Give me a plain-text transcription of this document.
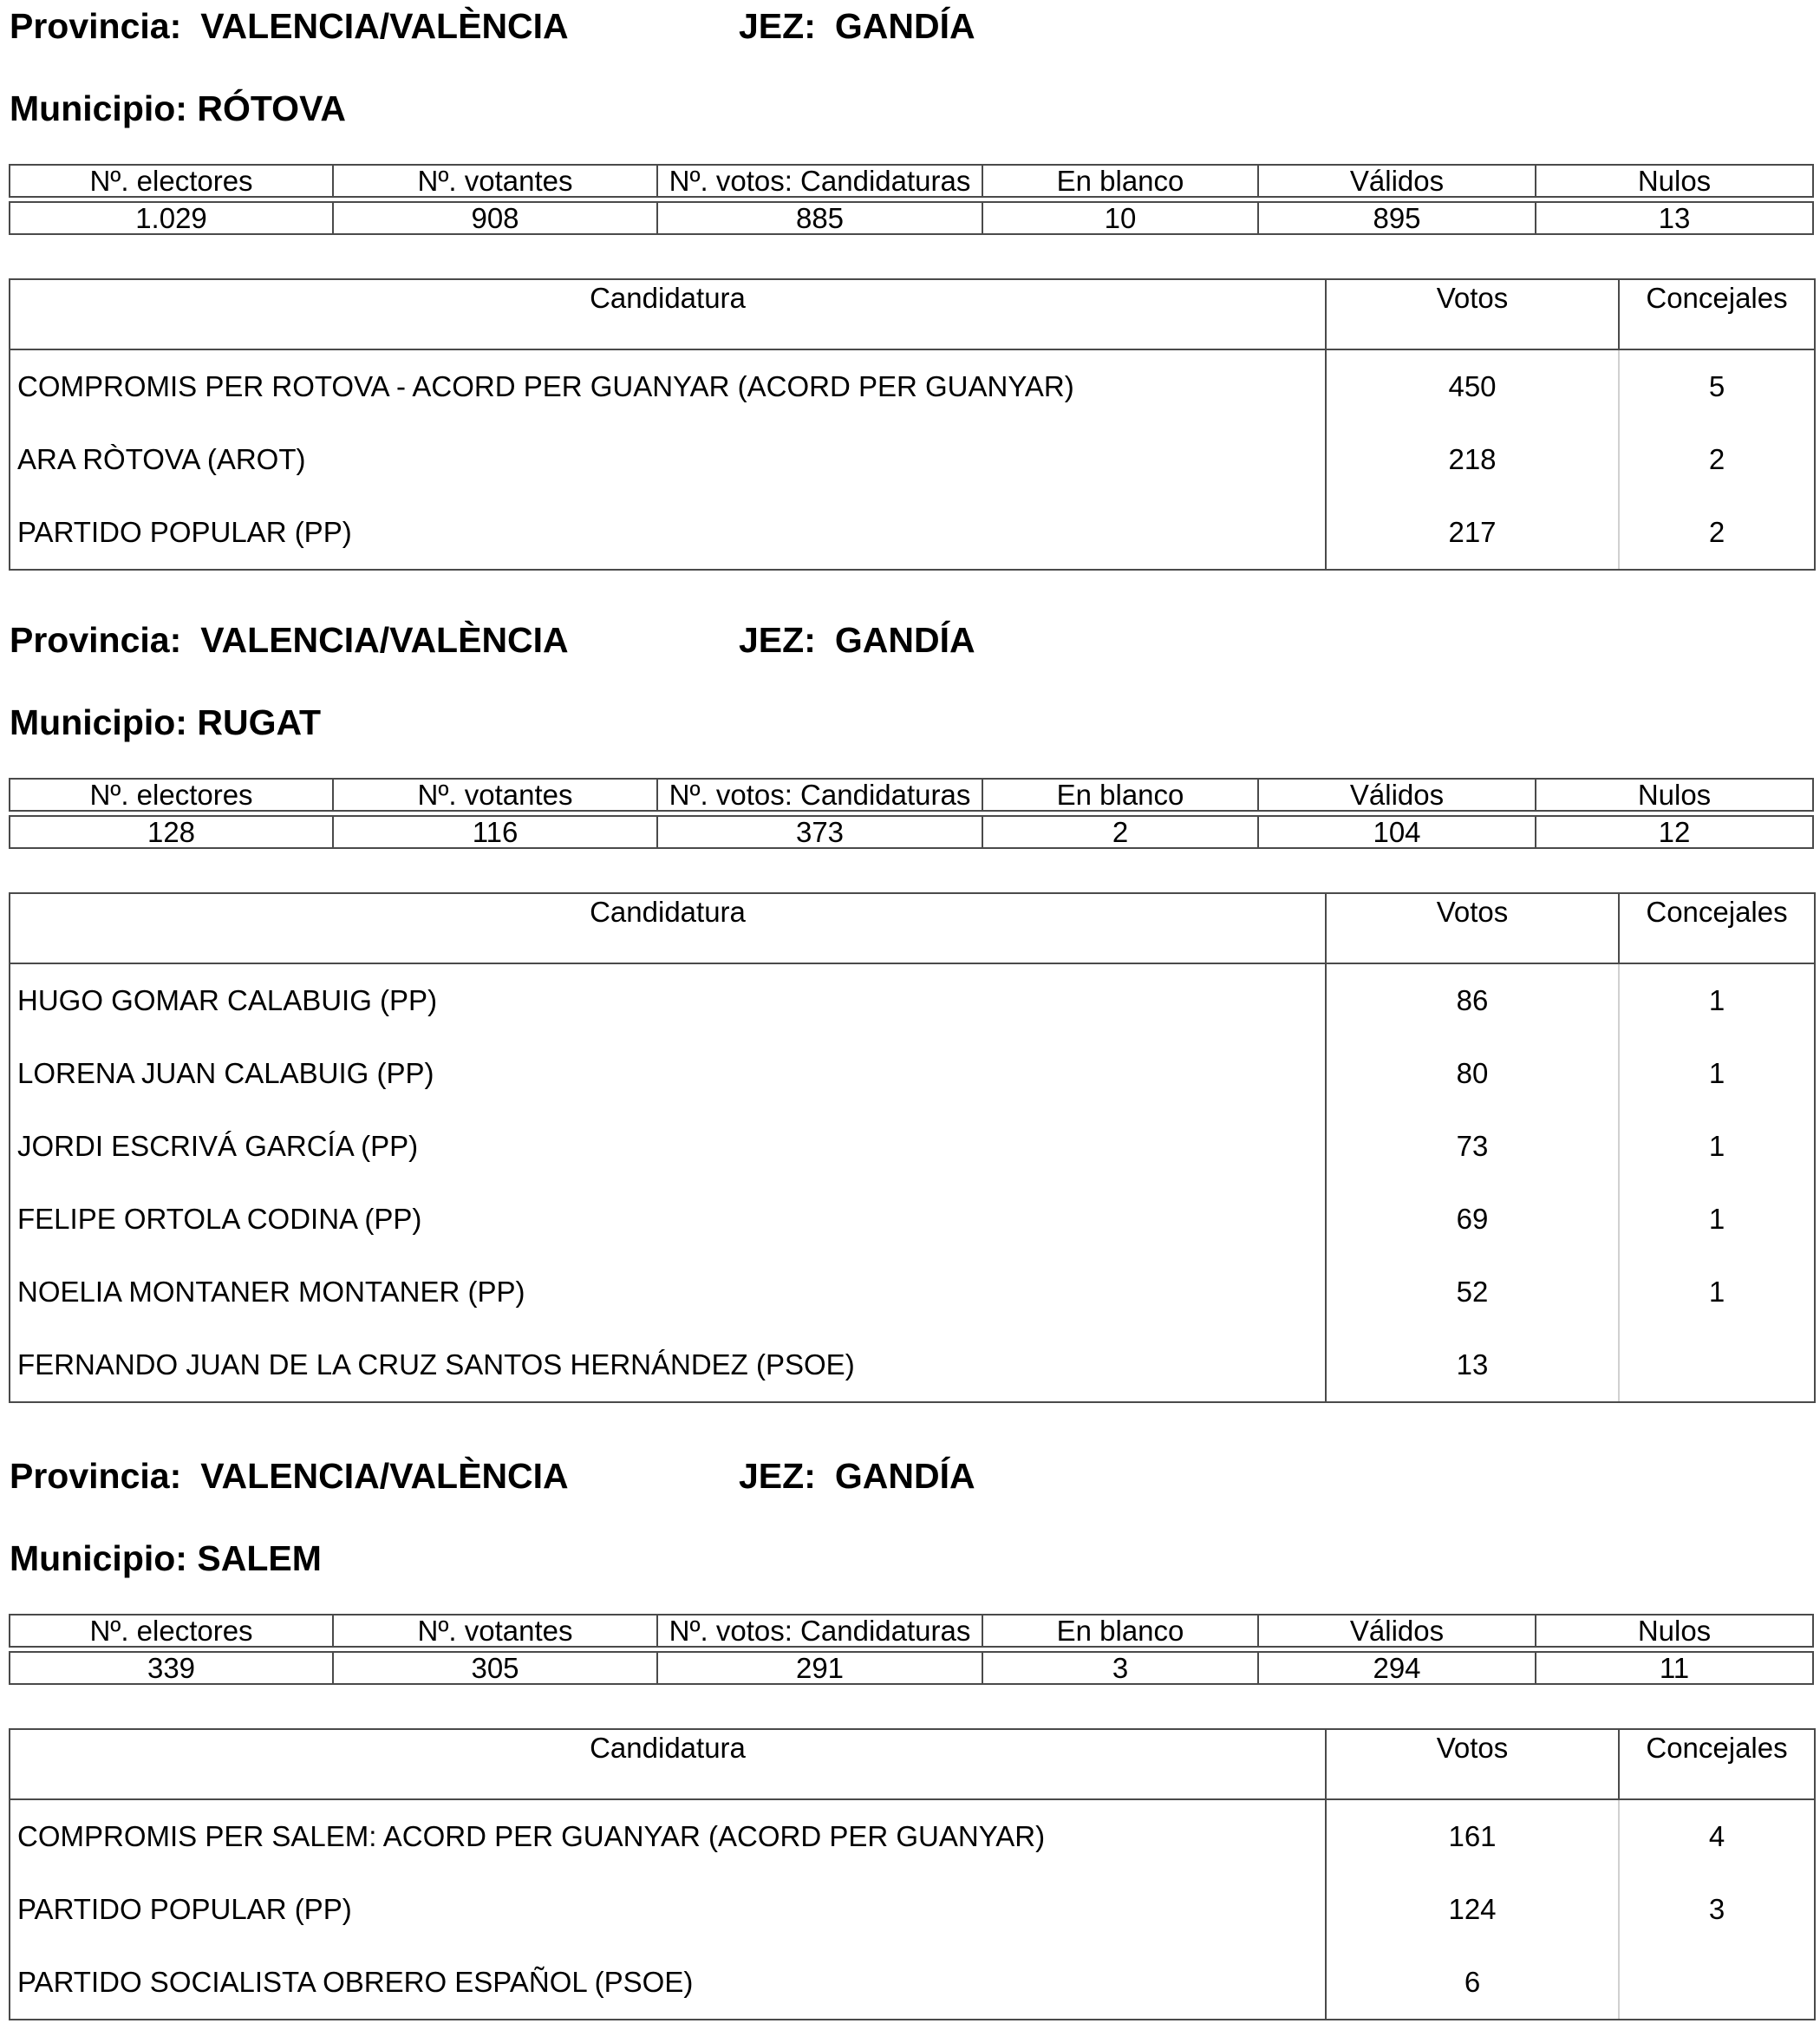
Provincia: VALENCIA/VALÈNCIA	JEZ: GANDÍA
Municipio: RÓTOVA
Nº. electores	Nº. votantes	Nº. votos: Candidaturas	En blanco	Válidos	Nulos

1.029	908	885	10	895	13
Candidatura	Votos	Concejales
COMPROMIS PER ROTOVA - ACORD PER GUANYAR (ACORD PER GUANYAR)	450	5
ARA RÒTOVA (AROT)	218	2
PARTIDO POPULAR (PP)	217	2
Provincia: VALENCIA/VALÈNCIA	JEZ: GANDÍA
Municipio: RUGAT
Nº. electores	Nº. votantes	Nº. votos: Candidaturas	En blanco	Válidos	Nulos

128	116	373	2	104	12
Candidatura	Votos	Concejales
HUGO GOMAR CALABUIG (PP)	86	1
LORENA JUAN CALABUIG (PP)	80	1
JORDI ESCRIVÁ GARCÍA (PP)	73	1
FELIPE ORTOLA CODINA (PP)	69	1
NOELIA MONTANER MONTANER (PP)	52	1
FERNANDO JUAN DE LA CRUZ SANTOS HERNÁNDEZ (PSOE)	13	
Provincia: VALENCIA/VALÈNCIA	JEZ: GANDÍA
Municipio: SALEM
Nº. electores	Nº. votantes	Nº. votos: Candidaturas	En blanco	Válidos	Nulos

339	305	291	3	294	11
Candidatura	Votos	Concejales
COMPROMIS PER SALEM: ACORD PER GUANYAR (ACORD PER GUANYAR)	161	4
PARTIDO POPULAR (PP)	124	3
PARTIDO SOCIALISTA OBRERO ESPAÑOL (PSOE)	6	
